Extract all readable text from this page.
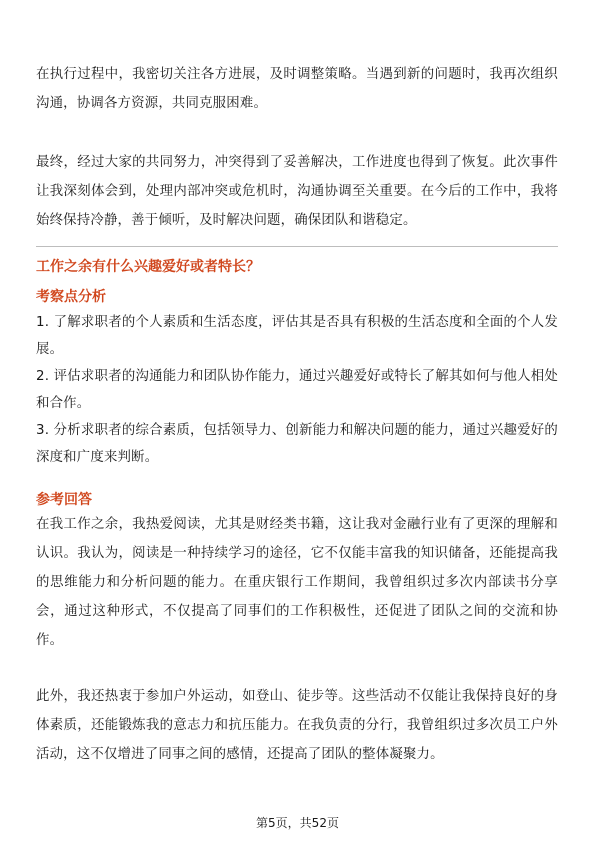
在执行过程中，我密切关注各方进展，及时调整策略。当遇到新的问题时，我再次组织沟通，协调各方资源，共同克服困难。

最终，经过大家的共同努力，冲突得到了妥善解决，工作进度也得到了恢复。此次事件让我深刻体会到，处理内部冲突或危机时，沟通协调至关重要。在今后的工作中，我将始终保持冷静，善于倾听，及时解决问题，确保团队和谐稳定。

工作之余有什么兴趣爱好或者特长？

考察点分析

1. 了解求职者的个人素质和生活态度，评估其是否具有积极的生活态度和全面的个人发展。

2. 评估求职者的沟通能力和团队协作能力，通过兴趣爱好或特长了解其如何与他人相处和合作。

3. 分析求职者的综合素质，包括领导力、创新能力和解决问题的能力，通过兴趣爱好的深度和广度来判断。

参考回答

在我工作之余，我热爱阅读，尤其是财经类书籍，这让我对金融行业有了更深的理解和认识。我认为，阅读是一种持续学习的途径，它不仅能丰富我的知识储备，还能提高我的思维能力和分析问题的能力。在重庆银行工作期间，我曾组织过多次内部读书分享会，通过这种形式，不仅提高了同事们的工作积极性，还促进了团队之间的交流和协作。

此外，我还热衷于参加户外运动，如登山、徒步等。这些活动不仅能让我保持良好的身体素质，还能锻炼我的意志力和抗压能力。在我负责的分行，我曾组织过多次员工户外活动，这不仅增进了同事之间的感情，还提高了团队的整体凝聚力。

第5页，共52页
